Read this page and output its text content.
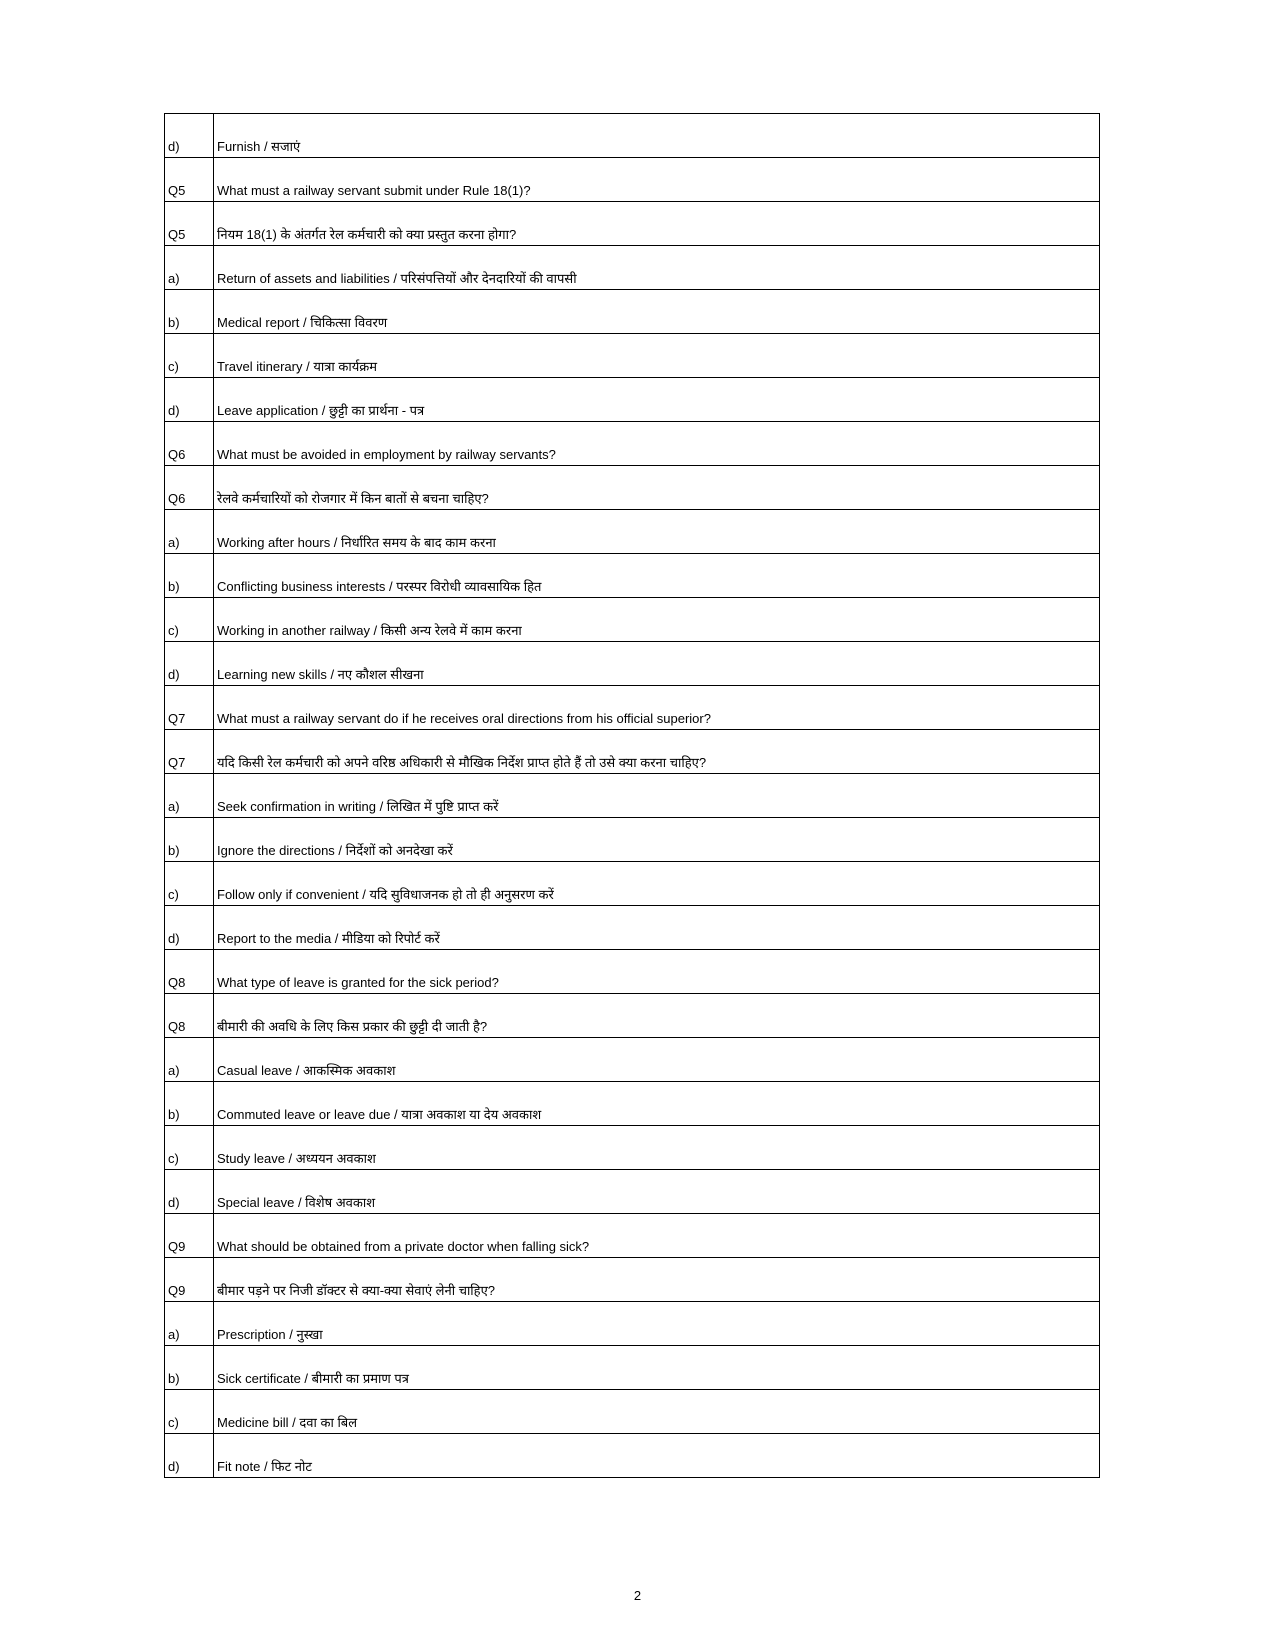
d)	Furnish / सजाएं
Q5	What must a railway servant submit under Rule 18(1)?
Q5	नियम 18(1) के अंतर्गत रेल कर्मचारी को क्या प्रस्तुत करना होगा?
a)	Return of assets and liabilities / परिसंपत्तियों और देनदारियों की वापसी
b)	Medical report / चिकित्सा विवरण
c)	Travel itinerary / यात्रा कार्यक्रम
d)	Leave application / छुट्टी का प्रार्थना - पत्र
Q6	What must be avoided in employment by railway servants?
Q6	रेलवे कर्मचारियों को रोजगार में किन बातों से बचना चाहिए?
a)	Working after hours / निर्धारित समय के बाद काम करना
b)	Conflicting business interests / परस्पर विरोधी व्यावसायिक हित
c)	Working in another railway / किसी अन्य रेलवे में काम करना
d)	Learning new skills / नए कौशल सीखना
Q7	What must a railway servant do if he receives oral directions from his official superior?
Q7	यदि किसी रेल कर्मचारी को अपने वरिष्ठ अधिकारी से मौखिक निर्देश प्राप्त होते हैं तो उसे क्या करना चाहिए?
a)	Seek confirmation in writing / लिखित में पुष्टि प्राप्त करें
b)	Ignore the directions / निर्देशों को अनदेखा करें
c)	Follow only if convenient / यदि सुविधाजनक हो तो ही अनुसरण करें
d)	Report to the media / मीडिया को रिपोर्ट करें
Q8	What type of leave is granted for the sick period?
Q8	बीमारी की अवधि के लिए किस प्रकार की छुट्टी दी जाती है?
a)	Casual leave / आकस्मिक अवकाश
b)	Commuted leave or leave due / यात्रा अवकाश या देय अवकाश
c)	Study leave / अध्ययन अवकाश
d)	Special leave / विशेष अवकाश
Q9	What should be obtained from a private doctor when falling sick?
Q9	बीमार पड़ने पर निजी डॉक्टर से क्या-क्या सेवाएं लेनी चाहिए?
a)	Prescription / नुस्खा
b)	Sick certificate / बीमारी का प्रमाण पत्र
c)	Medicine bill / दवा का बिल
d)	Fit note / फिट नोट
2
